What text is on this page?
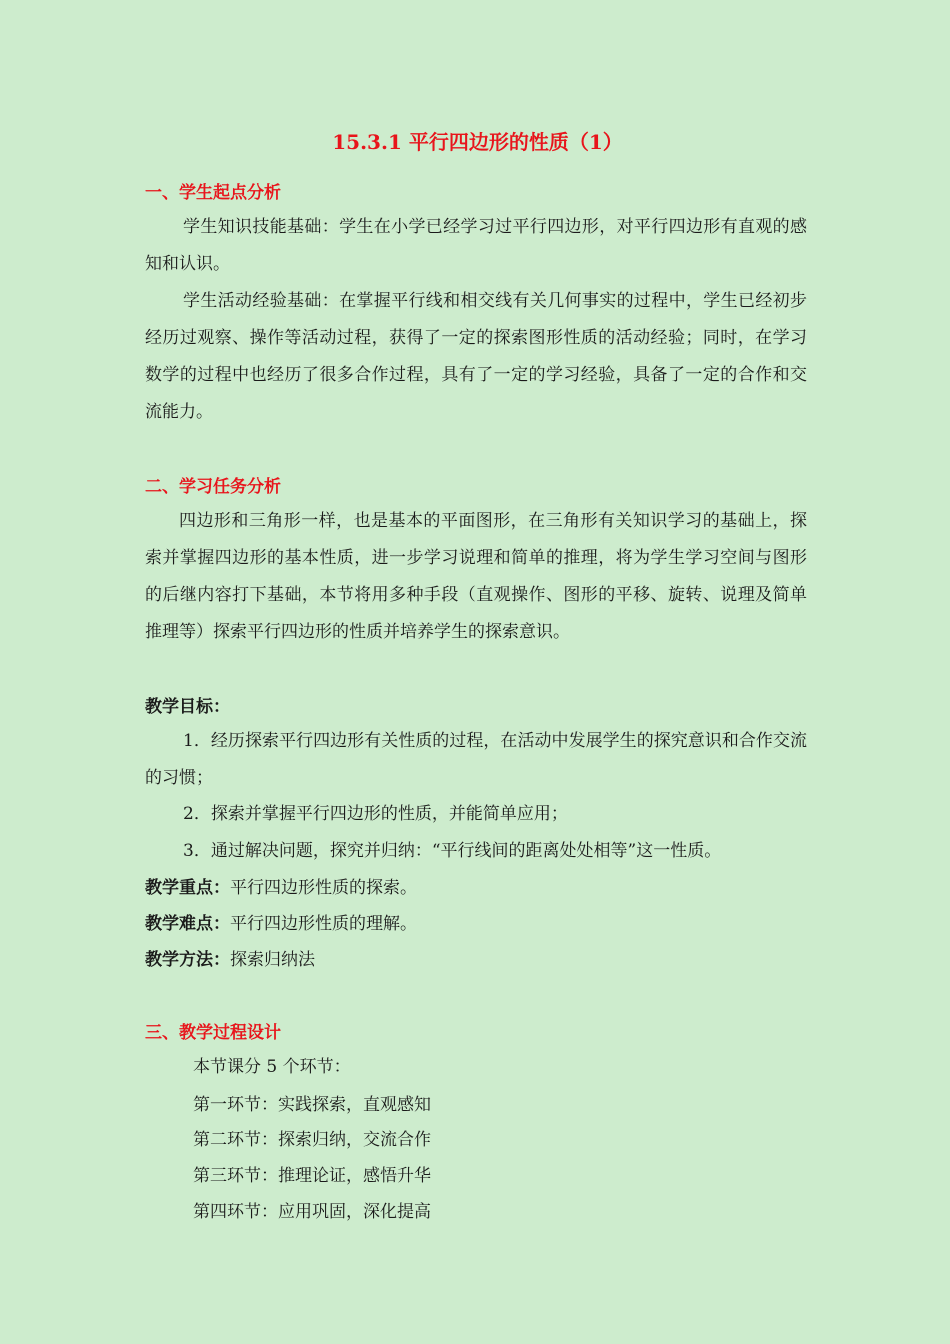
15.3.1 平行四边形的性质（1）
一、学生起点分析
学生知识技能基础：学生在小学已经学习过平行四边形，对平行四边形有直观的感知和认识。
学生活动经验基础：在掌握平行线和相交线有关几何事实的过程中，学生已经初步经历过观察、操作等活动过程，获得了一定的探索图形性质的活动经验；同时，在学习数学的过程中也经历了很多合作过程，具有了一定的学习经验，具备了一定的合作和交流能力。
二、学习任务分析
四边形和三角形一样，也是基本的平面图形，在三角形有关知识学习的基础上，探索并掌握四边形的基本性质，进一步学习说理和简单的推理，将为学生学习空间与图形的后继内容打下基础，本节将用多种手段（直观操作、图形的平移、旋转、说理及简单推理等）探索平行四边形的性质并培养学生的探索意识。
教学目标：
1．经历探索平行四边形有关性质的过程，在活动中发展学生的探究意识和合作交流的习惯；
2．探索并掌握平行四边形的性质，并能简单应用；
3．通过解决问题，探究并归纳：“平行线间的距离处处相等”这一性质。
教学重点：平行四边形性质的探索。
教学难点：平行四边形性质的理解。
教学方法：探索归纳法
三、教学过程设计
本节课分 5 个环节：
第一环节：实践探索，直观感知
第二环节：探索归纳，交流合作
第三环节：推理论证，感悟升华
第四环节：应用巩固，深化提高
